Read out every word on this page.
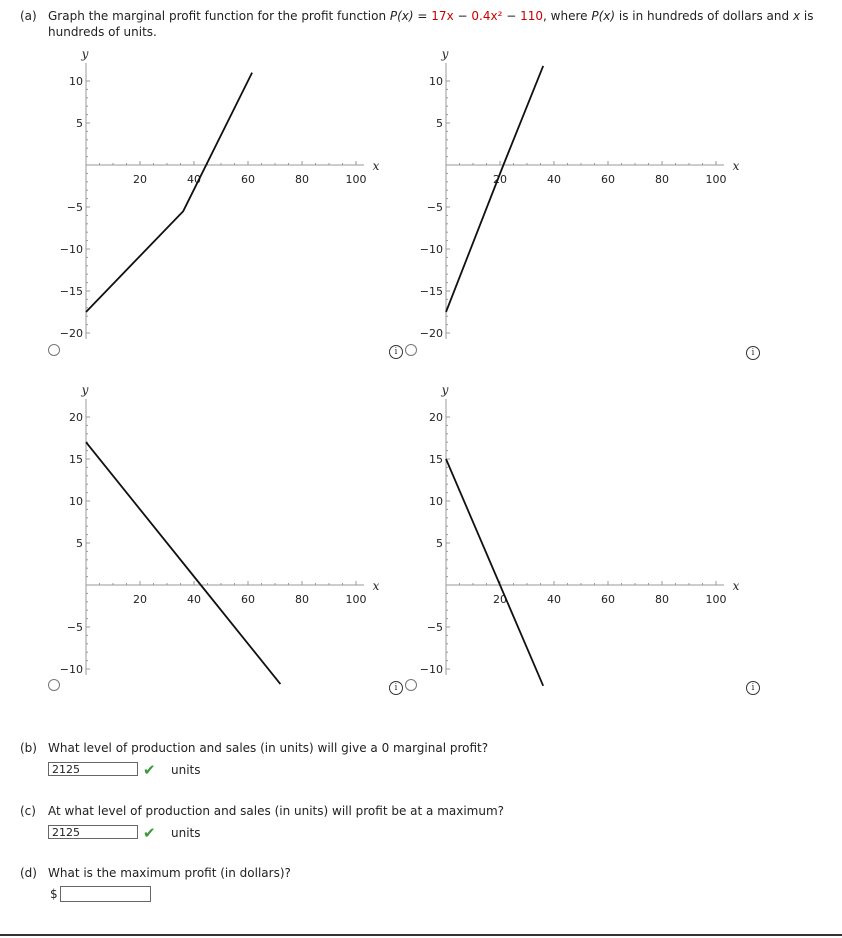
(a) Graph the marginal profit function for the profit function P(x) = 17x − 0.4x² − 110, where P(x) is in hundreds of dollars and x is
hundreds of units.
20	40	60	80	100
10
5
−5
−10
−15
−20
y
x
20	40	60	80	100
10
5
−5
−10
−15
−20
y
x
20	40	60	80	100
20
15
10
5
−5
−10
y
x
20	40	60	80	100
20
15
10
5
−5
−10
y
x
i	i
i	i
(b) What level of production and sales (in units) will give a 0 marginal profit?
2125	✔ units
(c) At what level of production and sales (in units) will profit be at a maximum?
2125	✔ units
(d) What is the maximum profit (in dollars)?
$
